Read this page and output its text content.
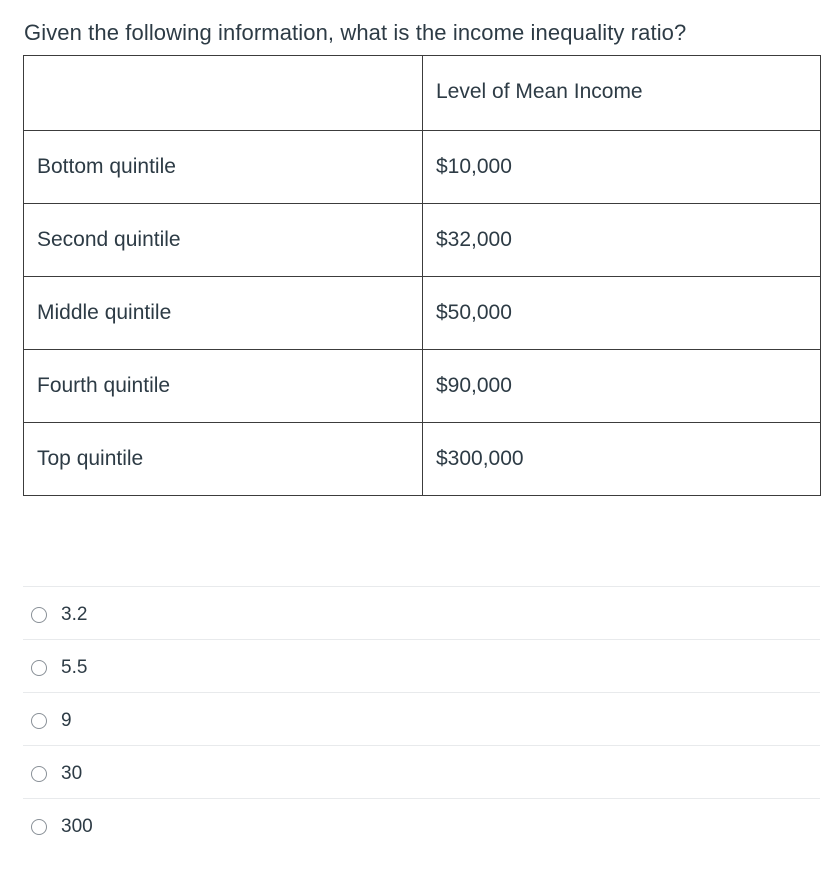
Given the following information, what is the income inequality ratio?
	Level of Mean Income
Bottom quintile	$10,000
Second quintile	$32,000
Middle quintile	$50,000
Fourth quintile	$90,000
Top quintile	$300,000
3.2
5.5
9
30
300
